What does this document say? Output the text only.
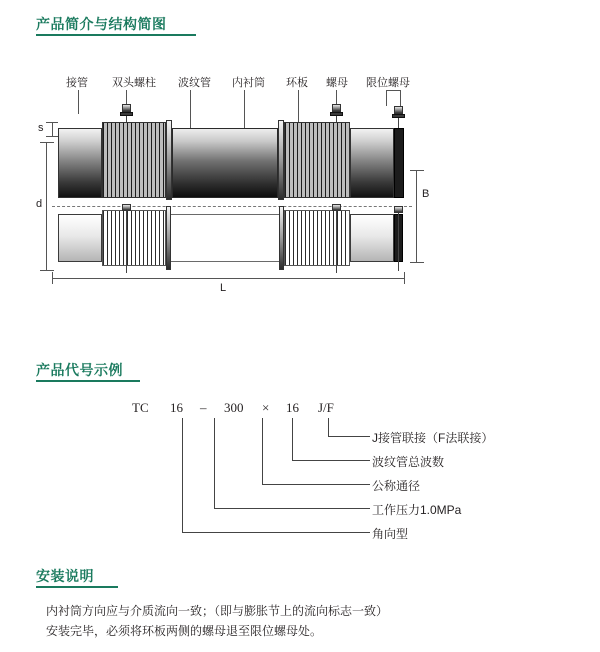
产品简介与结构简图
接管 双头螺柱 波纹管 内衬筒 环板 螺母 限位螺母
s
d
B
L
产品代号示例
TC 16 – 300 × 16 J/F
J接管联接（F法联接）
波纹管总波数
公称通径
工作压力1.0MPa
角向型
安装说明
内衬筒方向应与介质流向一致；（即与膨胀节上的流向标志一致）
安装完毕，必须将环板两侧的螺母退至限位螺母处。
